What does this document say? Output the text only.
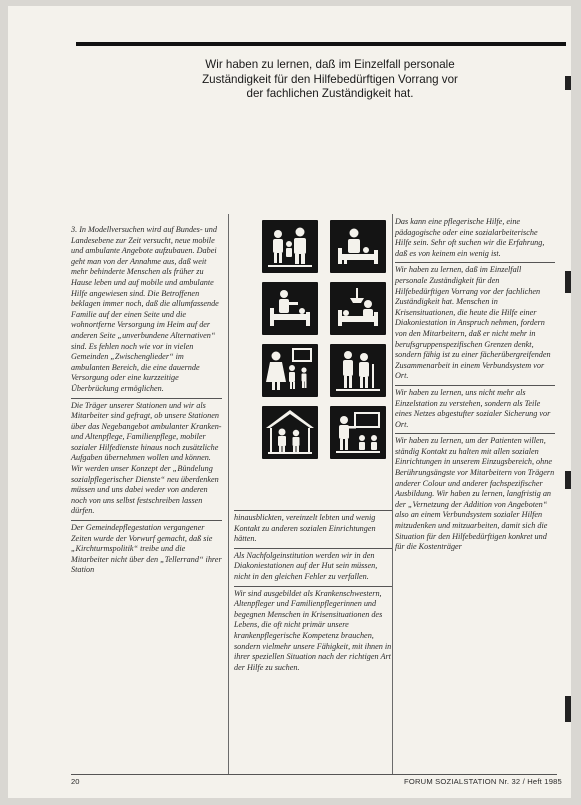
Wir haben zu lernen, daß im Einzelfall personale
Zuständigkeit für den Hilfebedürftigen Vorrang vor
der fachlichen Zuständigkeit hat.

3. In Modellversuchen wird auf Bundes- und Landesebene zur Zeit versucht, neue mobile und ambulante Angebote aufzubauen. Dabei geht man von der Annahme aus, daß weit mehr behinderte Menschen als früher zu Hause leben und auf mobile und ambulante Hilfe angewiesen sind. Die Betroffenen beklagen immer noch, daß die allumfassende Familie auf der einen Seite und die wohnortferne Versorgung im Heim auf der anderen Seite „unverbundene Alternativen“ sind. Es fehlen noch wie vor in vielen Gemeinden „Zwischenglieder“ im ambulanten Bereich, die eine dauernde Versorgung oder eine kurzzeitige Überbrückung ermöglichen.

Die Träger unserer Stationen und wir als Mitarbeiter sind gefragt, ob unsere Stationen über das Negebangebot ambulanter Kranken- und Altenpflege, Familienpflege, mobiler sozialer Hilfedienste hinaus noch zusätzliche Aufgaben übernehmen wollen und können. Wir werden unser Konzept der „Bündelung sozialpflegerischer Dienste“ neu überdenken müssen und uns dabei weder von anderen noch von uns selbst festschreiben lassen dürfen.

Der Gemeindepflegestation vergangener Zeiten wurde der Vorwurf gemacht, daß sie „Kirchturmspolitik“ treibe und die Mitarbeiter nicht über den „Tellerrand“ ihrer Station

hinausblickten, vereinzelt lebten und wenig Kontakt zu anderen sozialen Einrichtungen hätten.

Als Nachfolgeinstitution werden wir in den Diakoniestationen auf der Hut sein müssen, nicht in den gleichen Fehler zu verfallen.

Wir sind ausgebildet als Krankenschwestern, Altenpfleger und Familienpflegerinnen und begegnen Menschen in Krisensituationen des Lebens, die oft nicht primär unsere krankenpflegerische Kompetenz brauchen, sondern vielmehr unsere Fähigkeit, mit ihnen in ihrer speziellen Situation nach der richtigen Art der Hilfe zu suchen.

Das kann eine pflegerische Hilfe, eine pädagogische oder eine sozialarbeiterische Hilfe sein. Sehr oft suchen wir die Erfahrung, daß es von keinem ein wenig ist.

Wir haben zu lernen, daß im Einzelfall personale Zuständigkeit für den Hilfebedürftigen Vorrang vor der fachlichen Zuständigkeit hat. Menschen in Krisensituationen, die heute die Hilfe einer Diakoniestation in Anspruch nehmen, fordern von den Mitarbeitern, daß er nicht mehr in berufsgruppenspezifischen Grenzen denkt, sondern fähig ist zu einer fächerübergreifenden Zusammenarbeit in einem Verbundsystem vor Ort.

Wir haben zu lernen, uns nicht mehr als Einzelstation zu verstehen, sondern als Teile eines Netzes abgestufter sozialer Sicherung vor Ort.

Wir haben zu lernen, um der Patienten willen, ständig Kontakt zu halten mit allen sozialen Einrichtungen in unserem Einzugsbereich, ohne Berührungsängste vor Mitarbeitern von Trägern anderer Colour und anderer fachspezifischer Ausbildung. Wir haben zu lernen, langfristig an der „Vernetzung der Addition von Angeboten“ also an einem Verbundsystem sozialer Hilfen mitzudenken und mitzuarbeiten, damit sich die Situation für den Hilfebedürftigen konkret und für die Kostenträger

20	FORUM SOZIALSTATION Nr. 32 / Heft 1985
